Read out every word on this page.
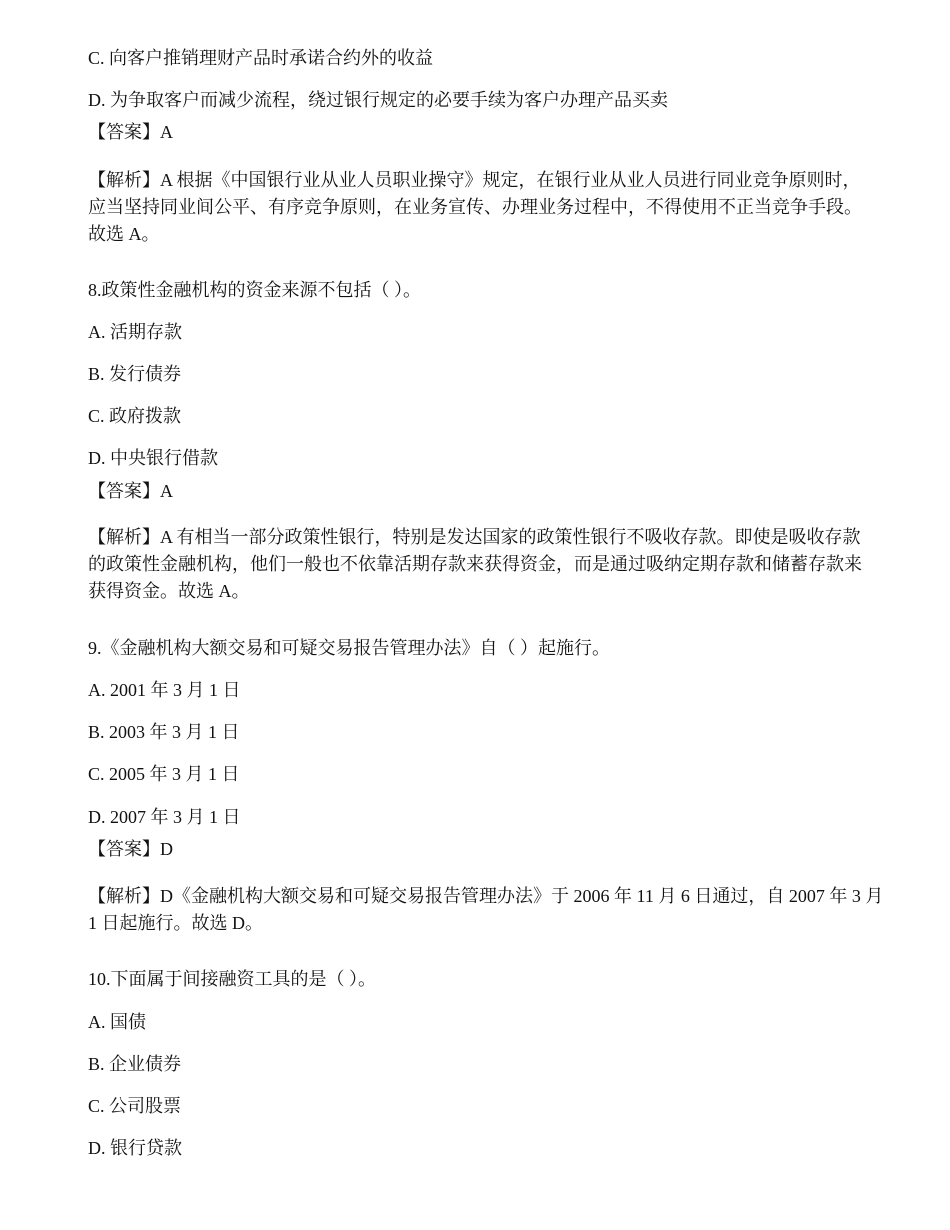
C. 向客户推销理财产品时承诺合约外的收益
D. 为争取客户而减少流程，绕过银行规定的必要手续为客户办理产品买卖
【答案】A
【解析】A 根据《中国银行业从业人员职业操守》规定，在银行业从业人员进行同业竞争原则时，
应当坚持同业间公平、有序竞争原则，在业务宣传、办理业务过程中，不得使用不正当竞争手段。
故选 A。
8.政策性金融机构的资金来源不包括（ ）。
A. 活期存款
B. 发行债券
C. 政府拨款
D. 中央银行借款
【答案】A
【解析】A 有相当一部分政策性银行，特别是发达国家的政策性银行不吸收存款。即使是吸收存款
的政策性金融机构，他们一般也不依靠活期存款来获得资金，而是通过吸纳定期存款和储蓄存款来
获得资金。故选 A。
9.《金融机构大额交易和可疑交易报告管理办法》自（ ）起施行。
A. 2001 年 3 月 1 日
B. 2003 年 3 月 1 日
C. 2005 年 3 月 1 日
D. 2007 年 3 月 1 日
【答案】D
【解析】D《金融机构大额交易和可疑交易报告管理办法》于 2006 年 11 月 6 日通过，自 2007 年 3 月
1 日起施行。故选 D。
10.下面属于间接融资工具的是（ ）。
A. 国债
B. 企业债券
C. 公司股票
D. 银行贷款
